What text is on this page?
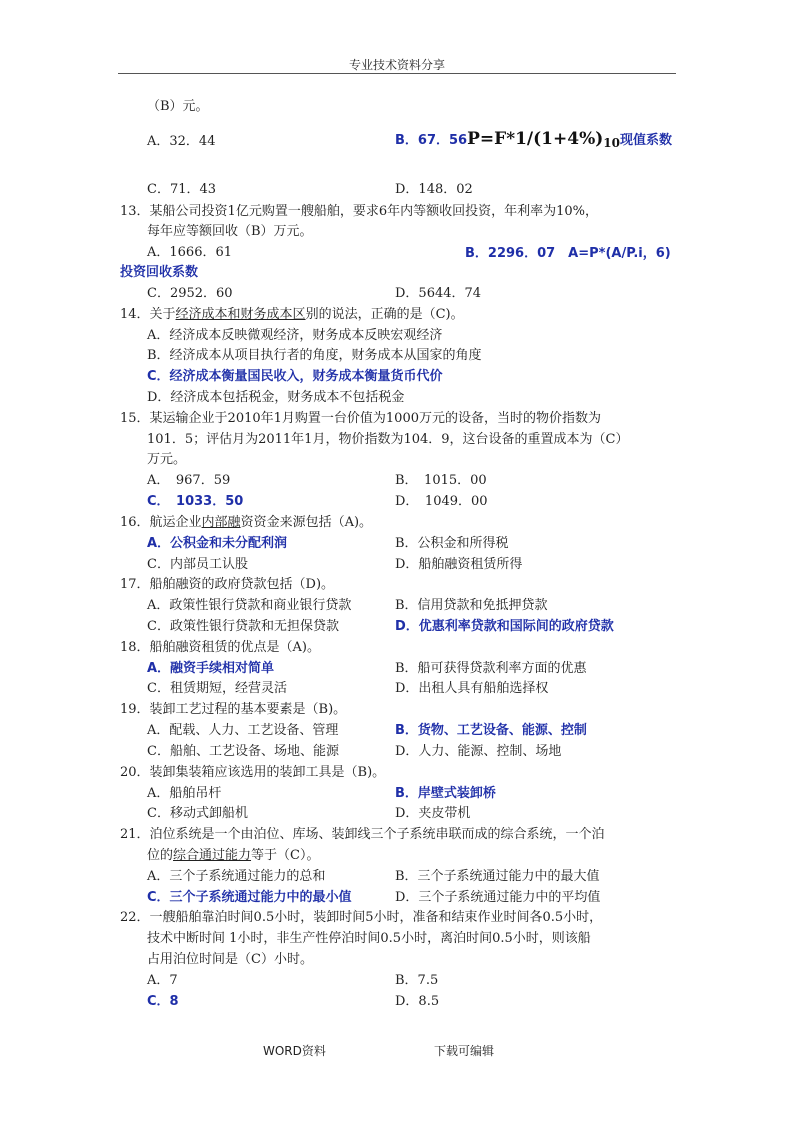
专业技术资料分享
（B）元。
A．32．44	B．67．56P=F*1/(1+4%)10现值系数
C．71．43	D．148．02
13．某船公司投资1亿元购置一艘船舶，要求6年内等额收回投资，年利率为10%，
每年应等额回收（B）万元。
A．1666．61	B．2296．07　A=P*(A/P.i，6)
投资回收系数
C．2952．60	D．5644．74
14．关于经济成本和财务成本区别的说法，正确的是（C)。
A．经济成本反映微观经济，财务成本反映宏观经济
B．经济成本从项目执行者的角度，财务成本从国家的角度
C．经济成本衡量国民收入，财务成本衡量货币代价
D．经济成本包括税金，财务成本不包括税金
15．某运输企业于2010年1月购置一台价值为1000万元的设备，当时的物价指数为
101．5；评估月为2011年1月，物价指数为104．9，这台设备的重置成本为（C）
万元。
A．　967．59	B．　1015．00
C．　1033．50	D．　1049．00
16．航运企业内部融资资金来源包括（A)。
A．公积金和未分配利润	B．公积金和所得税
C．内部员工认股	D．船舶融资租赁所得
17．船舶融资的政府贷款包括（D)。
A．政策性银行贷款和商业银行贷款	B．信用贷款和免抵押贷款
C．政策性银行贷款和无担保贷款	D．优惠利率贷款和国际间的政府贷款
18．船舶融资租赁的优点是（A)。
A．融资手续相对简单	B．船可获得贷款利率方面的优惠
C．租赁期短，经营灵活	D．出租人具有船舶选择权
19．装卸工艺过程的基本要素是（B)。
A．配载、人力、工艺设备、管理	B．货物、工艺设备、能源、控制
C．船舶、工艺设备、场地、能源	D．人力、能源、控制、场地
20．装卸集装箱应该选用的装卸工具是（B)。
A．船舶吊杆	B．岸壁式装卸桥
C．移动式卸船机	D．夹皮带机
21．泊位系统是一个由泊位、库场、装卸线三个子系统串联而成的综合系统，一个泊
位的综合通过能力等于（C）。
A．三个子系统通过能力的总和	B．三个子系统通过能力中的最大值
C．三个子系统通过能力中的最小值	D．三个子系统通过能力中的平均值
22．一艘船舶靠泊时间0.5小时，装卸时间5小时，准备和结束作业时间各0.5小时，
技术中断时间 1小时，非生产性停泊时间0.5小时，离泊时间0.5小时，则该船
占用泊位时间是（C）小时。
A．7	B．7.5
C．8	D．8.5
WORD资料	下载可编辑
